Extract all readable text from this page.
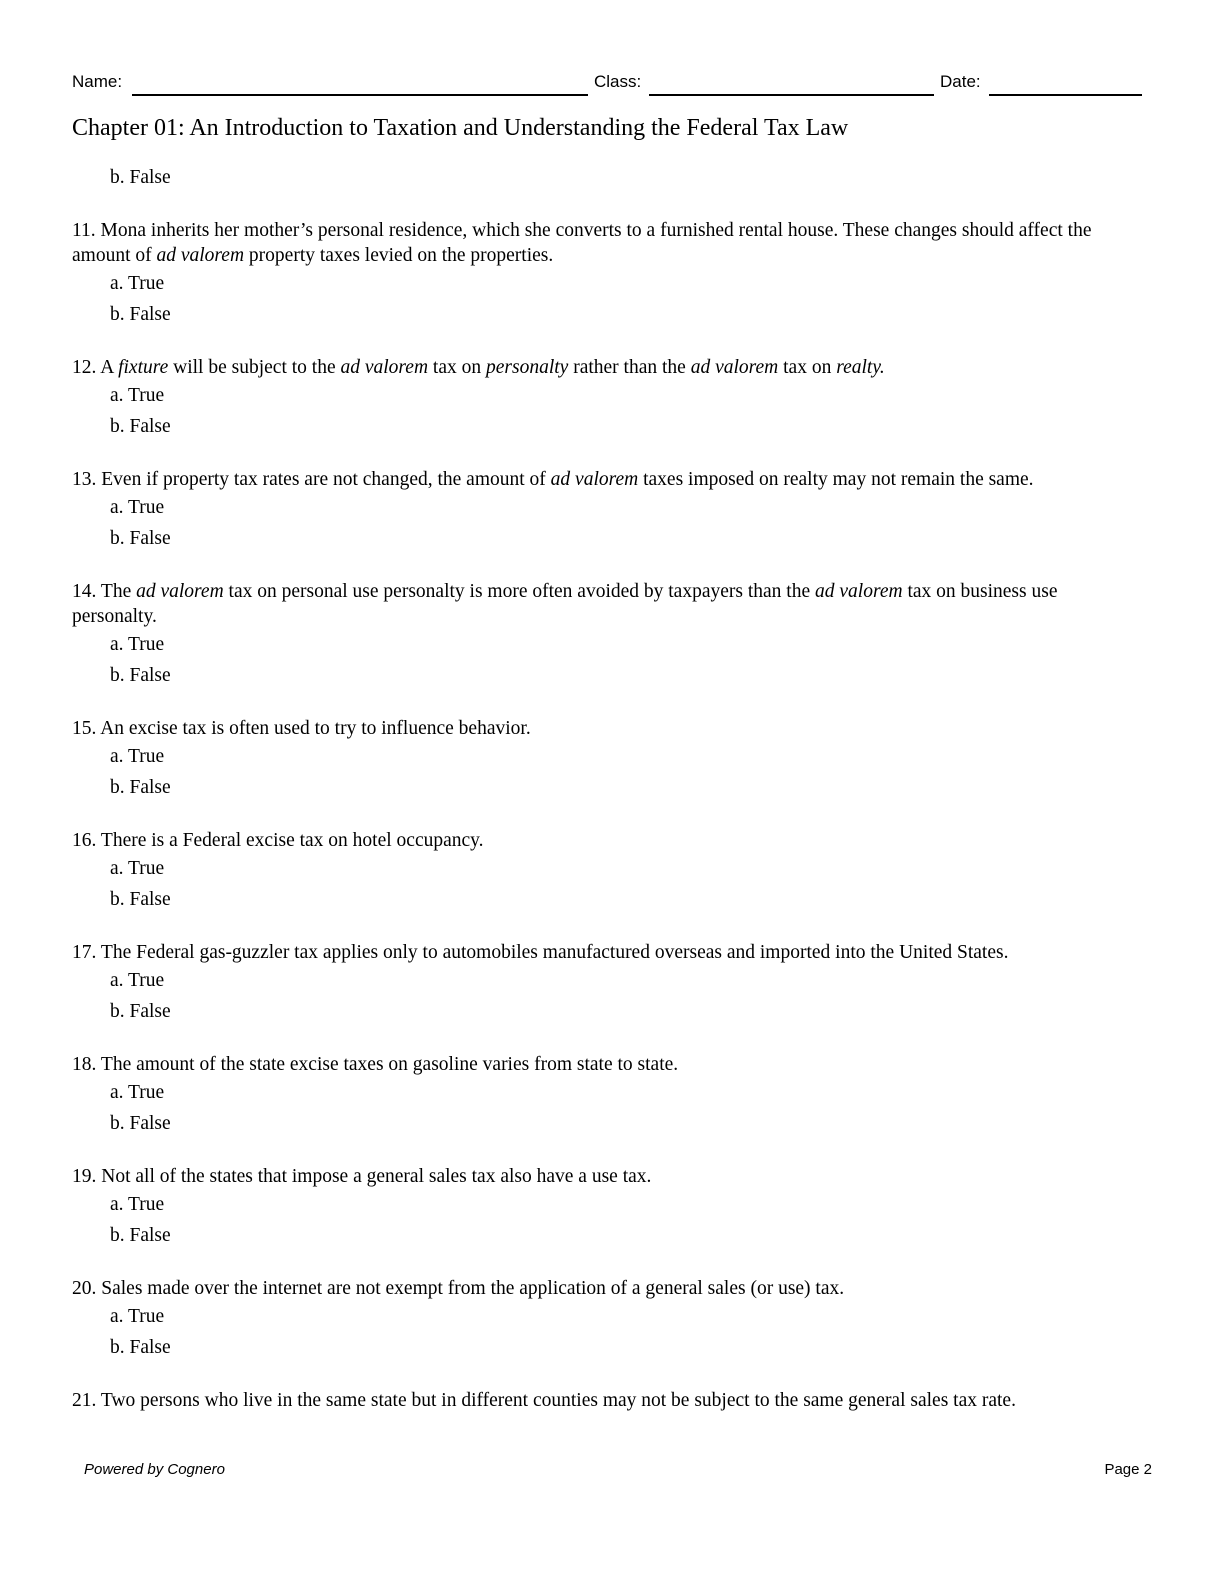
Name:	Class:	Date:
Chapter 01: An Introduction to Taxation and Understanding the Federal Tax Law
b. False
11. Mona inherits her mother’s personal residence, which she converts to a furnished rental house. These changes should affect the amount of ad valorem property taxes levied on the properties.
a. True
b. False
12. A fixture will be subject to the ad valorem tax on personalty rather than the ad valorem tax on realty.
a. True
b. False
13. Even if property tax rates are not changed, the amount of ad valorem taxes imposed on realty may not remain the same.
a. True
b. False
14. The ad valorem tax on personal use personalty is more often avoided by taxpayers than the ad valorem tax on business use personalty.
a. True
b. False
15. An excise tax is often used to try to influence behavior.
a. True
b. False
16. There is a Federal excise tax on hotel occupancy.
a. True
b. False
17. The Federal gas-guzzler tax applies only to automobiles manufactured overseas and imported into the United States.
a. True
b. False
18. The amount of the state excise taxes on gasoline varies from state to state.
a. True
b. False
19. Not all of the states that impose a general sales tax also have a use tax.
a. True
b. False
20. Sales made over the internet are not exempt from the application of a general sales (or use) tax.
a. True
b. False
21. Two persons who live in the same state but in different counties may not be subject to the same general sales tax rate.
Powered by Cognero	Page 2
